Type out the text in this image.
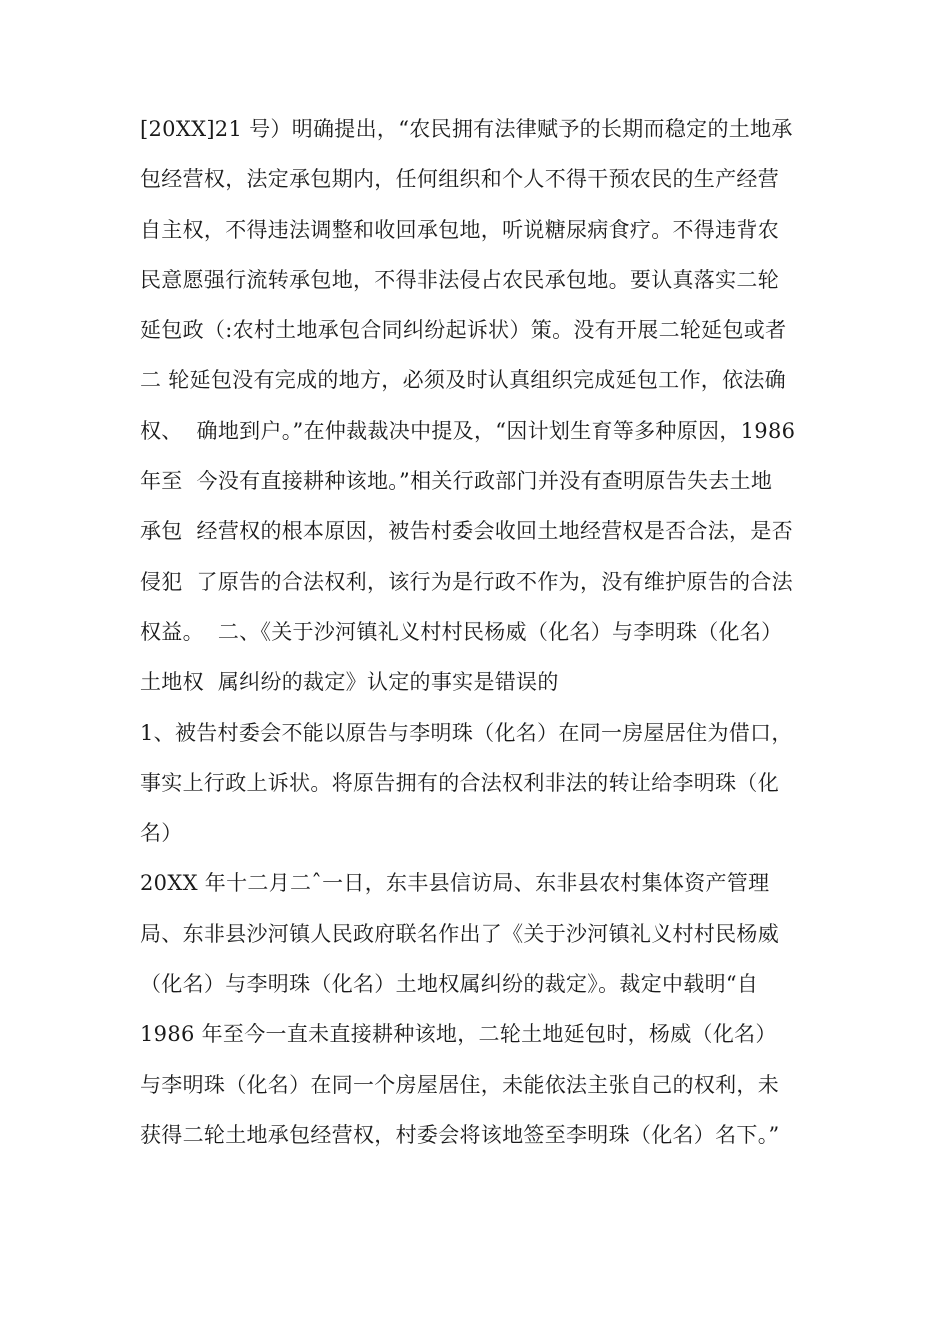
[20XX]21 号）明确提出，“农民拥有法律赋予的长期而稳定的土地承
包经营权，法定承包期内，任何组织和个人不得干预农民的生产经营
自主权，不得违法调整和收回承包地，听说糖尿病食疗。不得违背农
民意愿强行流转承包地，不得非法侵占农民承包地。要认真落实二轮
延包政（:农村土地承包合同纠纷起诉状）策。没有开展二轮延包或者
二 轮延包没有完成的地方，必须及时认真组织完成延包工作，依法确
权、  确地到户。”在仲裁裁决中提及，“因计划生育等多种原因，1986
年至  今没有直接耕种该地。”相关行政部门并没有查明原告失去土地
承包  经营权的根本原因，被告村委会收回土地经营权是否合法，是否
侵犯  了原告的合法权利，该行为是行政不作为，没有维护原告的合法
权益。  二、《关于沙河镇礼义村村民杨威（化名）与李明珠（化名）
土地权  属纠纷的裁定》认定的事实是错误的
1、被告村委会不能以原告与李明珠（化名）在同一房屋居住为借口，
事实上行政上诉状。将原告拥有的合法权利非法的转让给李明珠（化
名）
20XX 年十二月二ˆ一日，东丰县信访局、东非县农村集体资产管理
局、东非县沙河镇人民政府联名作出了《关于沙河镇礼义村村民杨威
（化名）与李明珠（化名）土地权属纠纷的裁定》。裁定中载明“自
1986 年至今一直未直接耕种该地，二轮土地延包时，杨威（化名）
与李明珠（化名）在同一个房屋居住，未能依法主张自己的权利，未
获得二轮土地承包经营权，村委会将该地签至李明珠（化名）名下。”
